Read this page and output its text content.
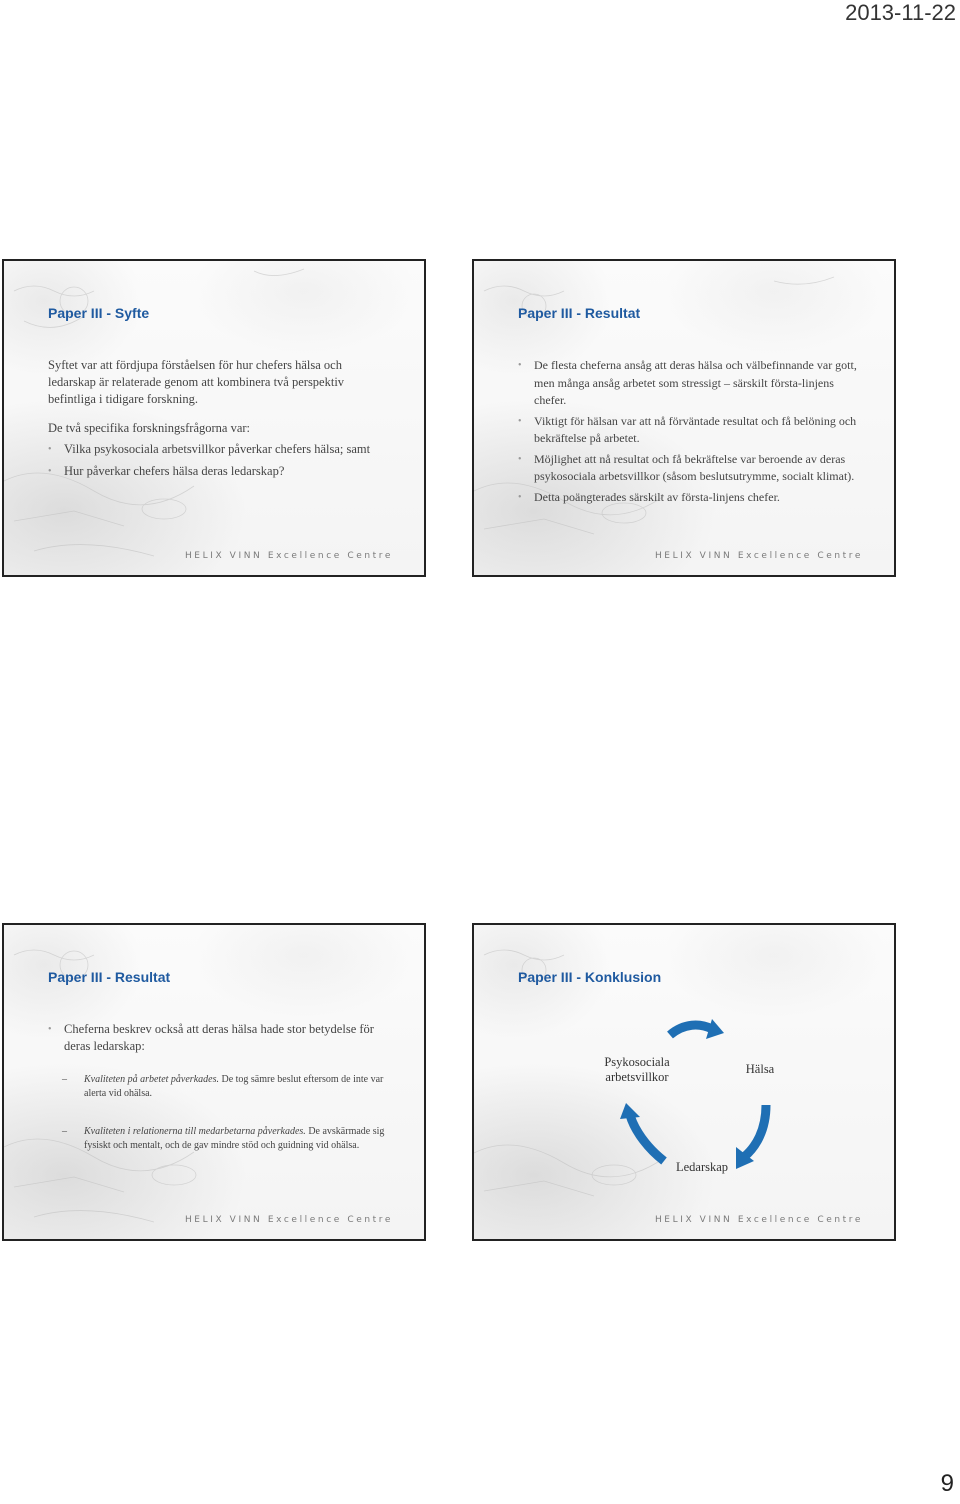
2013-11-22
Paper III - Syfte

Syftet var att fördjupa förståelsen för hur chefers hälsa och ledarskap är relaterade genom att kombinera två perspektiv befintliga i tidigare forskning.

De två specifika forskningsfrågorna var:

• Vilka psykosociala arbetsvillkor påverkar chefers hälsa; samt
• Hur påverkar chefers hälsa deras ledarskap?
HELIX VINN Excellence Centre
Paper III - Resultat
• De flesta cheferna ansåg att deras hälsa och välbefinnande var gott, men många ansåg arbetet som stressigt – särskilt första-linjens chefer.
• Viktigt för hälsan var att nå förväntade resultat och få belöning och bekräftelse på arbetet.
• Möjlighet att nå resultat och få bekräftelse var beroende av deras psykosociala arbetsvillkor (såsom beslutsutrymme, socialt klimat).
• Detta poängterades särskilt av första-linjens chefer.
HELIX VINN Excellence Centre
Paper III - Resultat
• Cheferna beskrev också att deras hälsa hade stor betydelse för deras ledarskap:
– Kvaliteten på arbetet påverkades. De tog sämre beslut eftersom de inte var alerta vid ohälsa.
– Kvaliteten i relationerna till medarbetarna påverkades. De avskärmade sig fysiskt och mentalt, och de gav mindre stöd och guidning vid ohälsa.
HELIX VINN Excellence Centre
Paper III - Konklusion
Psykosociala arbetsvillkor
Hälsa
Ledarskap
HELIX VINN Excellence Centre
9
